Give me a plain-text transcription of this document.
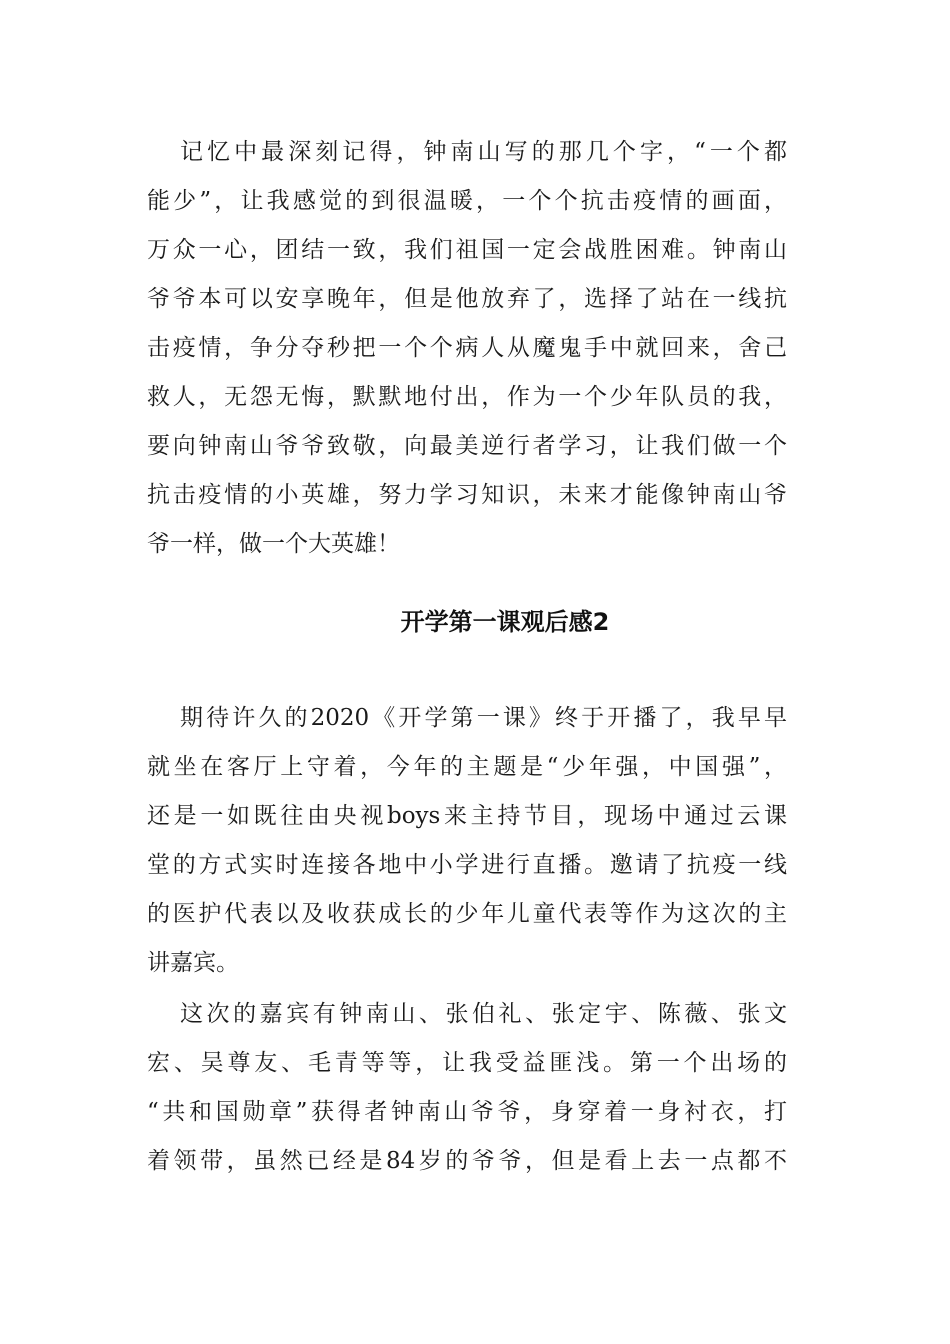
记忆中最深刻记得，钟南山写的那几个字，“一个都
能少”，让我感觉的到很温暖，一个个抗击疫情的画面，
万众一心，团结一致，我们祖国一定会战胜困难。钟南山
爷爷本可以安享晚年，但是他放弃了，选择了站在一线抗
击疫情，争分夺秒把一个个病人从魔鬼手中就回来，舍己
救人，无怨无悔，默默地付出，作为一个少年队员的我，
要向钟南山爷爷致敬，向最美逆行者学习，让我们做一个
抗击疫情的小英雄，努力学习知识，未来才能像钟南山爷
爷一样，做一个大英雄！
开学第一课观后感2
期待许久的2020《开学第一课》终于开播了，我早早
就坐在客厅上守着，今年的主题是“少年强，中国强”，
还是一如既往由央视boys来主持节目，现场中通过云课
堂的方式实时连接各地中小学进行直播。邀请了抗疫一线
的医护代表以及收获成长的少年儿童代表等作为这次的主
讲嘉宾。
这次的嘉宾有钟南山、张伯礼、张定宇、陈薇、张文
宏、吴尊友、毛青等等，让我受益匪浅。第一个出场的
“共和国勋章”获得者钟南山爷爷，身穿着一身衬衣，打
着领带，虽然已经是84岁的爷爷，但是看上去一点都不
